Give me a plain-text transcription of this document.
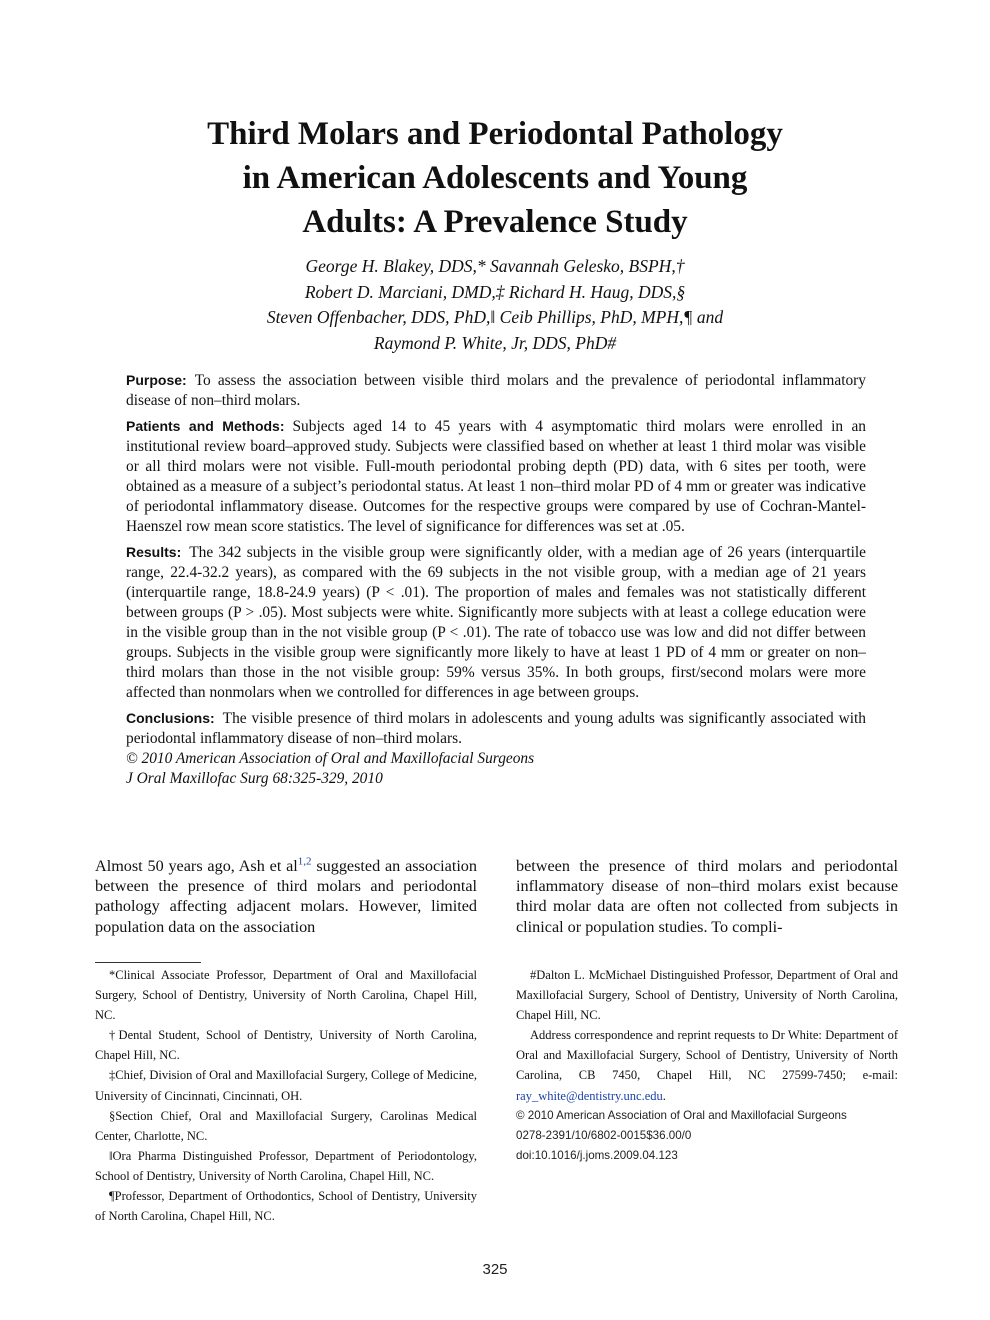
Third Molars and Periodontal Pathology
in American Adolescents and Young
Adults: A Prevalence Study
George H. Blakey, DDS,* Savannah Gelesko, BSPH,†
Robert D. Marciani, DMD,‡ Richard H. Haug, DDS,§
Steven Offenbacher, DDS, PhD,‖ Ceib Phillips, PhD, MPH,¶ and
Raymond P. White, Jr, DDS, PhD#

Purpose: To assess the association between visible third molars and the prevalence of periodontal inflammatory disease of non–third molars.

Patients and Methods: Subjects aged 14 to 45 years with 4 asymptomatic third molars were enrolled in an institutional review board–approved study. Subjects were classified based on whether at least 1 third molar was visible or all third molars were not visible. Full-mouth periodontal probing depth (PD) data, with 6 sites per tooth, were obtained as a measure of a subject’s periodontal status. At least 1 non–third molar PD of 4 mm or greater was indicative of periodontal inflammatory disease. Outcomes for the respective groups were compared by use of Cochran-Mantel-Haenszel row mean score statistics. The level of significance for differences was set at .05.

Results: The 342 subjects in the visible group were significantly older, with a median age of 26 years (interquartile range, 22.4-32.2 years), as compared with the 69 subjects in the not visible group, with a median age of 21 years (interquartile range, 18.8-24.9 years) (P < .01). The proportion of males and females was not statistically different between groups (P > .05). Most subjects were white. Significantly more subjects with at least a college education were in the visible group than in the not visible group (P < .01). The rate of tobacco use was low and did not differ between groups. Subjects in the visible group were significantly more likely to have at least 1 PD of 4 mm or greater on non–third molars than those in the not visible group: 59% versus 35%. In both groups, first/second molars were more affected than nonmolars when we controlled for differences in age between groups.

Conclusions: The visible presence of third molars in adolescents and young adults was significantly associated with periodontal inflammatory disease of non–third molars.

© 2010 American Association of Oral and Maxillofacial Surgeons

J Oral Maxillofac Surg 68:325-329, 2010

Almost 50 years ago, Ash et al$^{1,2}$ suggested an association between the presence of third molars and periodontal pathology affecting adjacent molars. However, limited population data on the association

between the presence of third molars and periodontal inflammatory disease of non–third molars exist because third molar data are often not collected from subjects in clinical or population studies. To compli-

*Clinical Associate Professor, Department of Oral and Maxillofacial Surgery, School of Dentistry, University of North Carolina, Chapel Hill, NC.

†Dental Student, School of Dentistry, University of North Carolina, Chapel Hill, NC.

‡Chief, Division of Oral and Maxillofacial Surgery, College of Medicine, University of Cincinnati, Cincinnati, OH.

§Section Chief, Oral and Maxillofacial Surgery, Carolinas Medical Center, Charlotte, NC.

‖Ora Pharma Distinguished Professor, Department of Periodontology, School of Dentistry, University of North Carolina, Chapel Hill, NC.

¶Professor, Department of Orthodontics, School of Dentistry, University of North Carolina, Chapel Hill, NC.

#Dalton L. McMichael Distinguished Professor, Department of Oral and Maxillofacial Surgery, School of Dentistry, University of North Carolina, Chapel Hill, NC.

Address correspondence and reprint requests to Dr White: Department of Oral and Maxillofacial Surgery, School of Dentistry, University of North Carolina, CB 7450, Chapel Hill, NC 27599-7450; e-mail: ray_white@dentistry.unc.edu.

© 2010 American Association of Oral and Maxillofacial Surgeons

0278-2391/10/6802-0015$36.00/0

doi:10.1016/j.joms.2009.04.123

325
